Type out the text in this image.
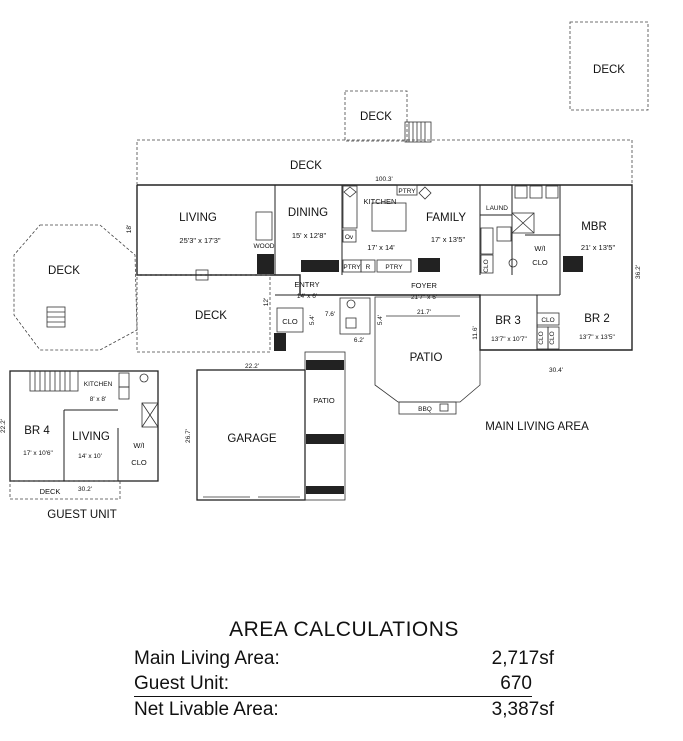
DECK
DECK
DECK
DECK
DECK
LIVING
25'3" x 17'3"
WOOD
DINING
15' x 12'8"
KITCHEN
17' x 14'
PTRY
Ov
PTRY R PTRY
FAMILY
17' x 13'5"
LAUND
CLO
W/I
CLO
MBR
21' x 13'5"
ENTRY
14' x 6'
FOYER
21'7" x 6'
CLO
100.3'
18'
36.2'
12'
7.6'
5.4'	5.4'
6.2'
21.7'
11.6'
30.4'
BR 3
13'7" x 10'7"
CLO
CLO CLO
BR 2
13'7" x 13'5"
PATIO
BBQ
MAIN LIVING AREA
GARAGE
22.2'
26.7'
PATIO
KITCHEN
8' x 8'
BR 4
17' x 10'6"
LIVING
14' x 10'
W/I
CLO
22.2'
DECK	30.2'
GUEST UNIT
AREA CALCULATIONS
Main Living Area:	2,717sf
Guest Unit:	670
Net Livable Area:	3,387sf
